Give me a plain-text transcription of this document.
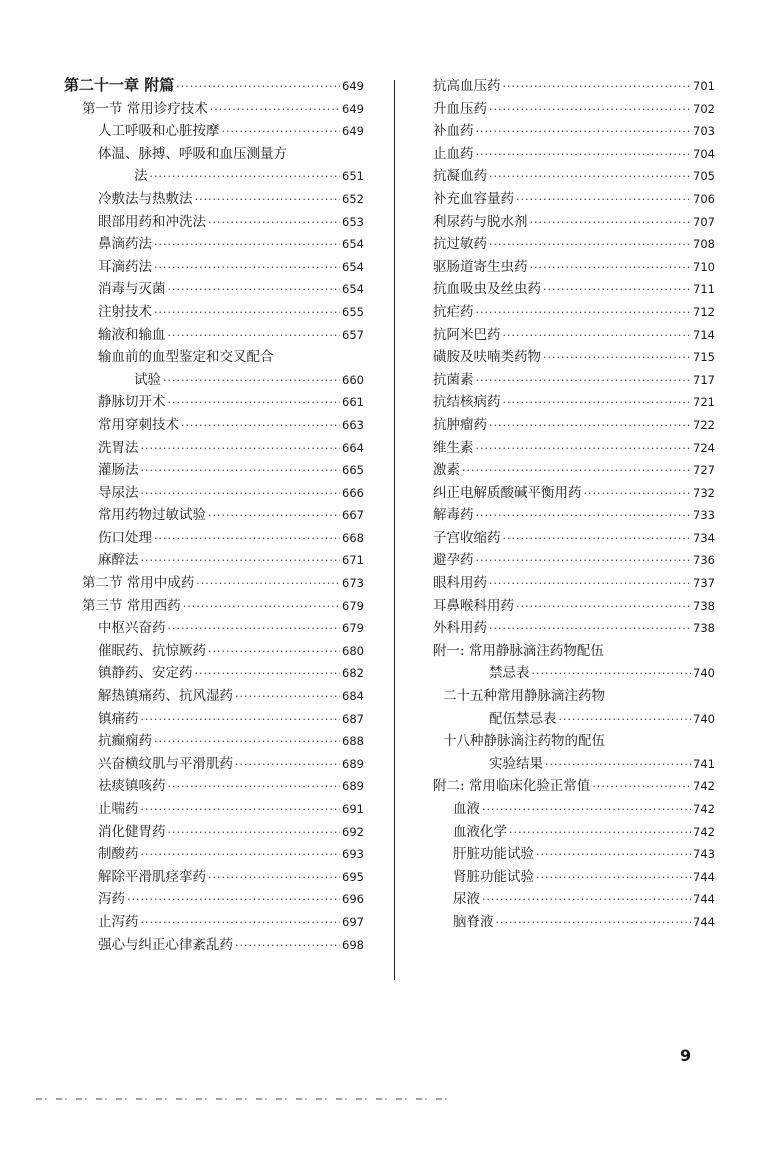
第二十一章 附篇 ·····	649
第一节 常用诊疗技术 ·····	649
人工呼吸和心脏按摩 ·····	649
体温、脉搏、呼吸和血压测量方
法 ·····	651
冷敷法与热敷法 ·····	652
眼部用药和冲洗法 ·····	653
鼻滴药法 ·····	654
耳滴药法 ·····	654
消毒与灭菌 ·····	654
注射技术 ·····	655
输液和输血 ·····	657
输血前的血型鉴定和交叉配合
试验 ·····	660
静脉切开术 ·····	661
常用穿刺技术 ·····	663
洗胃法 ·····	664
灌肠法 ·····	665
导尿法 ·····	666
常用药物过敏试验 ·····	667
伤口处理 ·····	668
麻醉法 ·····	671
第二节 常用中成药 ·····	673
第三节 常用西药 ·····	679
中枢兴奋药 ·····	679
催眠药、抗惊厥药 ·····	680
镇静药、安定药 ·····	682
解热镇痛药、抗风湿药 ·····	684
镇痛药 ·····	687
抗癫痫药 ·····	688
兴奋横纹肌与平滑肌药 ·····	689
祛痰镇咳药 ·····	689
止喘药 ·····	691
消化健胃药 ·····	692
制酸药 ·····	693
解除平滑肌痉挛药 ·····	695
泻药 ·····	696
止泻药 ·····	697
强心与纠正心律紊乱药 ·····	698
抗高血压药 ·····	701
升血压药 ·····	702
补血药 ·····	703
止血药 ·····	704
抗凝血药 ·····	705
补充血容量药 ·····	706
利尿药与脱水剂 ·····	707
抗过敏药 ·····	708
驱肠道寄生虫药 ·····	710
抗血吸虫及丝虫药 ·····	711
抗疟药 ·····	712
抗阿米巴药 ·····	714
磺胺及呋喃类药物 ·····	715
抗菌素 ·····	717
抗结核病药 ·····	721
抗肿瘤药 ·····	722
维生素 ·····	724
激素 ·····	727
纠正电解质酸碱平衡用药 ·····	732
解毒药 ·····	733
子宫收缩药 ·····	734
避孕药 ·····	736
眼科用药 ·····	737
耳鼻喉科用药 ·····	738
外科用药 ·····	738
附一: 常用静脉滴注药物配伍
禁忌表 ·····	740
二十五种常用静脉滴注药物
配伍禁忌表 ·····	740
十八种静脉滴注药物的配伍
实验结果 ·····	741
附二: 常用临床化验正常值 ·····	742
血液 ·····	742
血液化学 ·····	742
肝脏功能试验 ·····	743
肾脏功能试验 ·····	744
尿液 ·····	744
脑脊液 ·····	744
9
